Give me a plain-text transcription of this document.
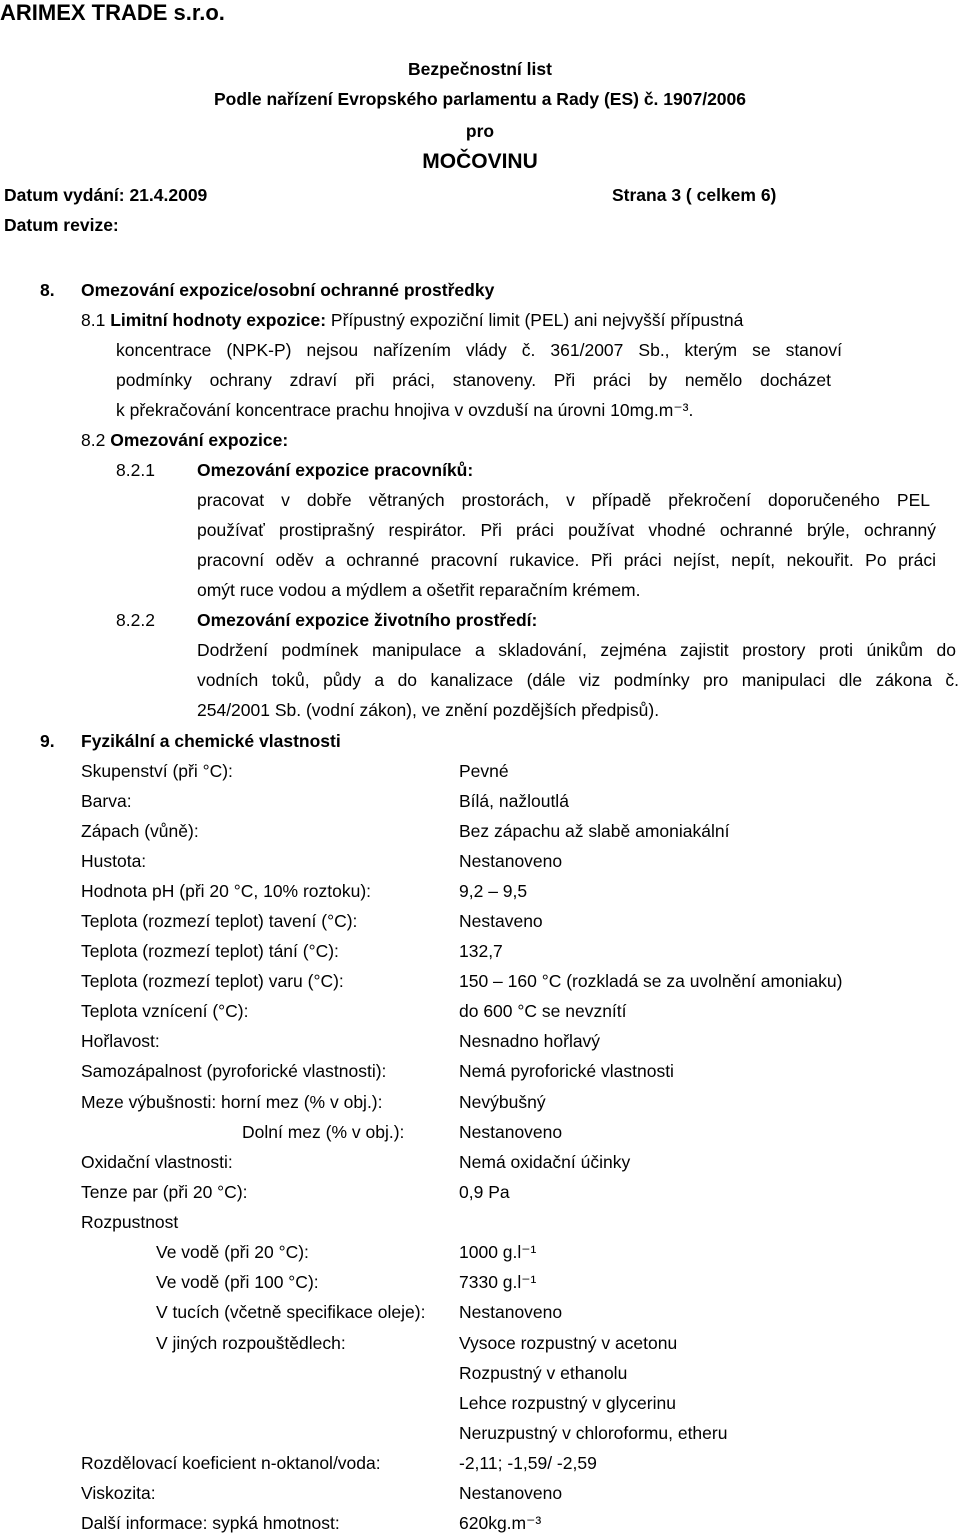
ARIMEX TRADE s.r.o.
Bezpečnostní list
Podle nařízení Evropského parlamentu a Rady (ES) č. 1907/2006
pro
MOČOVINU
Datum vydání: 21.4.2009	Strana 3 ( celkem 6)
Datum revize:
8. Omezování expozice/osobní ochranné prostředky
8.1 Limitní hodnoty expozice: Přípustný expoziční limit (PEL) ani nejvyšší přípustná
koncentrace (NPK-P) nejsou nařízením vlády č. 361/2007 Sb., kterým se stanoví
podmínky ochrany zdraví při práci, stanoveny. Při práci by nemělo docházet
k překračování koncentrace prachu hnojiva v ovzduší na úrovni 10mg.m⁻³.
8.2 Omezování expozice:
8.2.1 Omezování expozice pracovníků:
pracovat v dobře větraných prostorách, v případě překročení doporučeného PEL
používať prostiprašný respirátor. Při práci používat vhodné ochranné brýle, ochranný
pracovní oděv a ochranné pracovní rukavice. Při práci nejíst, nepít, nekouřit. Po práci
omýt ruce vodou a mýdlem a ošetřit reparačním krémem.
8.2.2 Omezování expozice životního prostředí:
Dodržení podmínek manipulace a skladování, zejména zajistit prostory proti únikům do
vodních toků, půdy a do kanalizace (dále viz podmínky pro manipulaci dle zákona č.
254/2001 Sb. (vodní zákon), ve znění pozdějších předpisů).
9. Fyzikální a chemické vlastnosti
Skupenství (při °C):	Pevné
Barva:	Bílá, nažloutlá
Zápach (vůně):	Bez zápachu až slabě amoniakální
Hustota:	Nestanoveno
Hodnota pH (při 20 °C, 10% roztoku):	9,2 – 9,5
Teplota (rozmezí teplot) tavení (°C):	Nestaveno
Teplota (rozmezí teplot) tání (°C):	132,7
Teplota (rozmezí teplot) varu (°C):	150 – 160 °C (rozkladá se za uvolnění amoniaku)
Teplota vznícení (°C):	do 600 °C se nevznítí
Hořlavost:	Nesnadno hořlavý
Samozápalnost (pyroforické vlastnosti):	Nemá pyroforické vlastnosti
Meze výbušnosti: horní mez (% v obj.):	Nevýbušný
Dolní mez (% v obj.):	Nestanoveno
Oxidační vlastnosti:	Nemá oxidační účinky
Tenze par (při 20 °C):	0,9 Pa
Rozpustnost
Ve vodě (při 20 °C):	1000 g.l⁻¹
Ve vodě (při 100 °C):	7330 g.l⁻¹
V tucích (včetně specifikace oleje): Nestanoveno
V jiných rozpouštědlech:	Vysoce rozpustný v acetonu
Rozpustný v ethanolu
Lehce rozpustný v glycerinu
Neruzpustný v chloroformu, etheru
Rozdělovací koeficient n-oktanol/voda:	-2,11; -1,59/ -2,59
Viskozita:	Nestanoveno
Další informace: sypká hmotnost:	620kg.m⁻³
